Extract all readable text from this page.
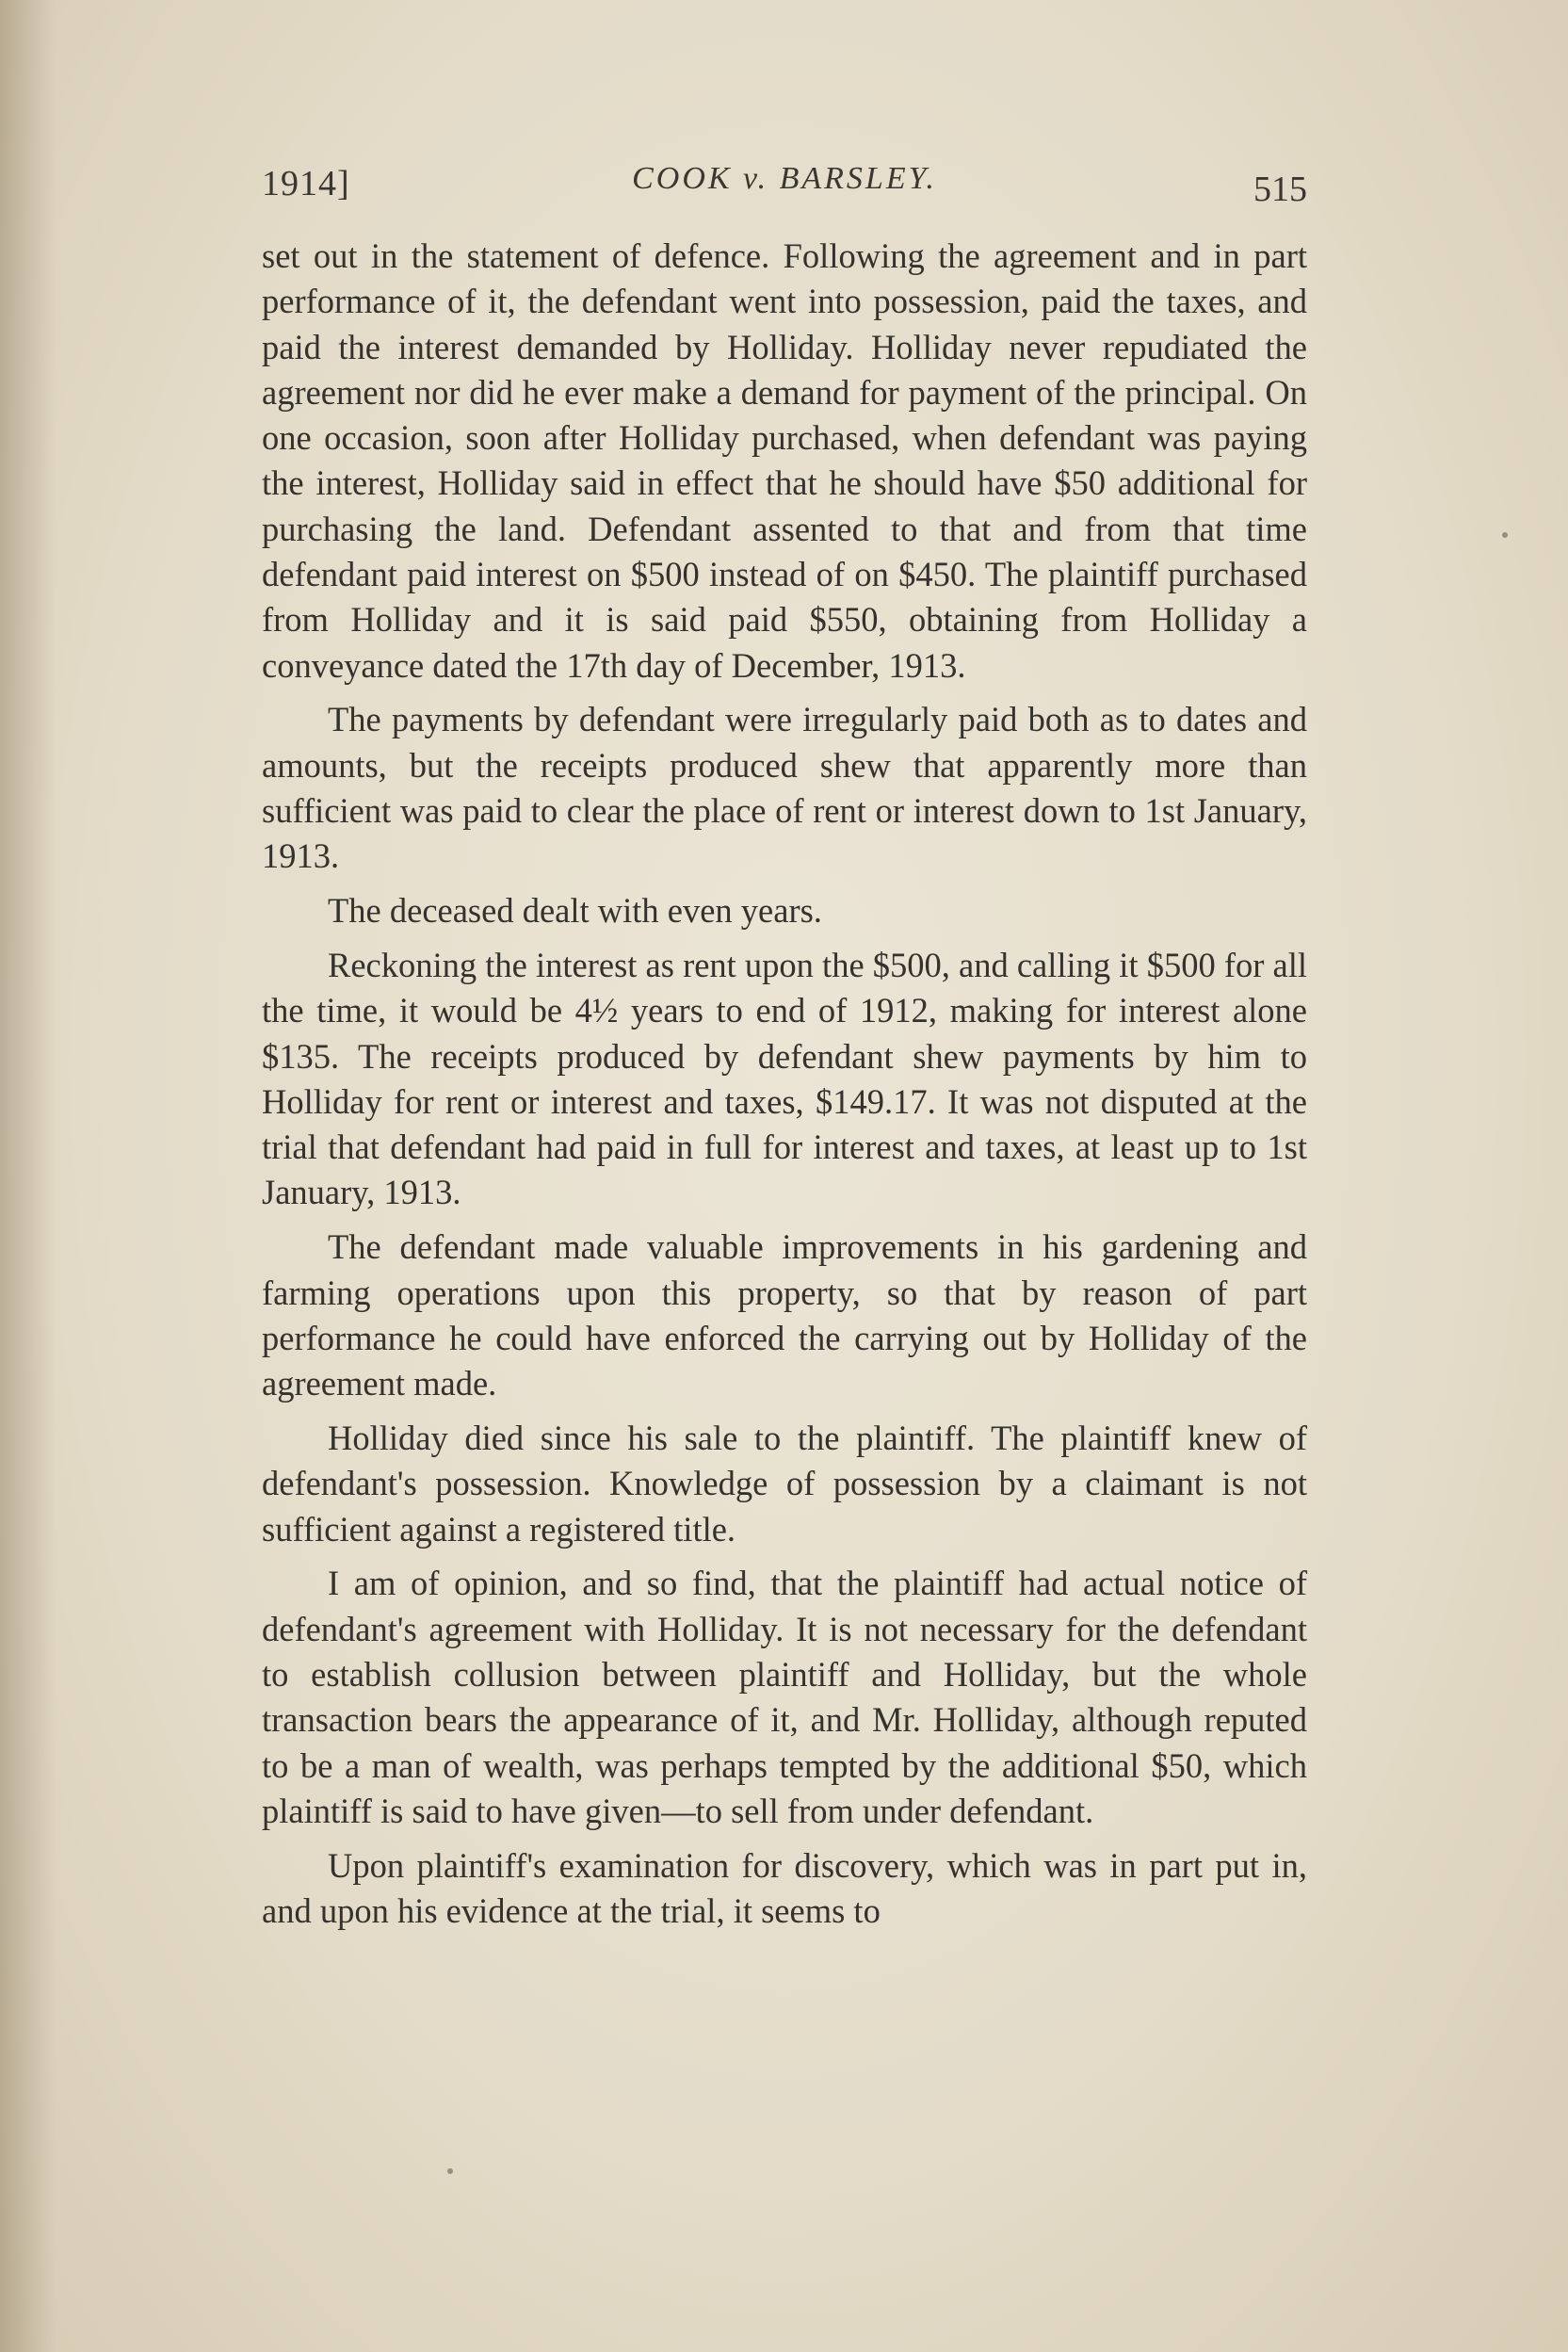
1914]	COOK v. BARSLEY.	515

set out in the statement of defence. Following the agreement and in part performance of it, the defendant went into possession, paid the taxes, and paid the interest demanded by Holliday. Holliday never repudiated the agreement nor did he ever make a demand for payment of the principal. On one occasion, soon after Holliday purchased, when defendant was paying the interest, Holliday said in effect that he should have $50 additional for purchasing the land. Defendant assented to that and from that time defendant paid interest on $500 instead of on $450. The plaintiff purchased from Holliday and it is said paid $550, obtaining from Holliday a conveyance dated the 17th day of December, 1913.

The payments by defendant were irregularly paid both as to dates and amounts, but the receipts produced shew that apparently more than sufficient was paid to clear the place of rent or interest down to 1st January, 1913.

The deceased dealt with even years.

Reckoning the interest as rent upon the $500, and calling it $500 for all the time, it would be 4½ years to end of 1912, making for interest alone $135. The receipts produced by defendant shew payments by him to Holliday for rent or interest and taxes, $149.17. It was not disputed at the trial that defendant had paid in full for interest and taxes, at least up to 1st January, 1913.

The defendant made valuable improvements in his gardening and farming operations upon this property, so that by reason of part performance he could have enforced the carrying out by Holliday of the agreement made.

Holliday died since his sale to the plaintiff. The plaintiff knew of defendant's possession. Knowledge of possession by a claimant is not sufficient against a registered title.

I am of opinion, and so find, that the plaintiff had actual notice of defendant's agreement with Holliday. It is not necessary for the defendant to establish collusion between plaintiff and Holliday, but the whole transaction bears the appearance of it, and Mr. Holliday, although reputed to be a man of wealth, was perhaps tempted by the additional $50, which plaintiff is said to have given—to sell from under defendant.

Upon plaintiff's examination for discovery, which was in part put in, and upon his evidence at the trial, it seems to
